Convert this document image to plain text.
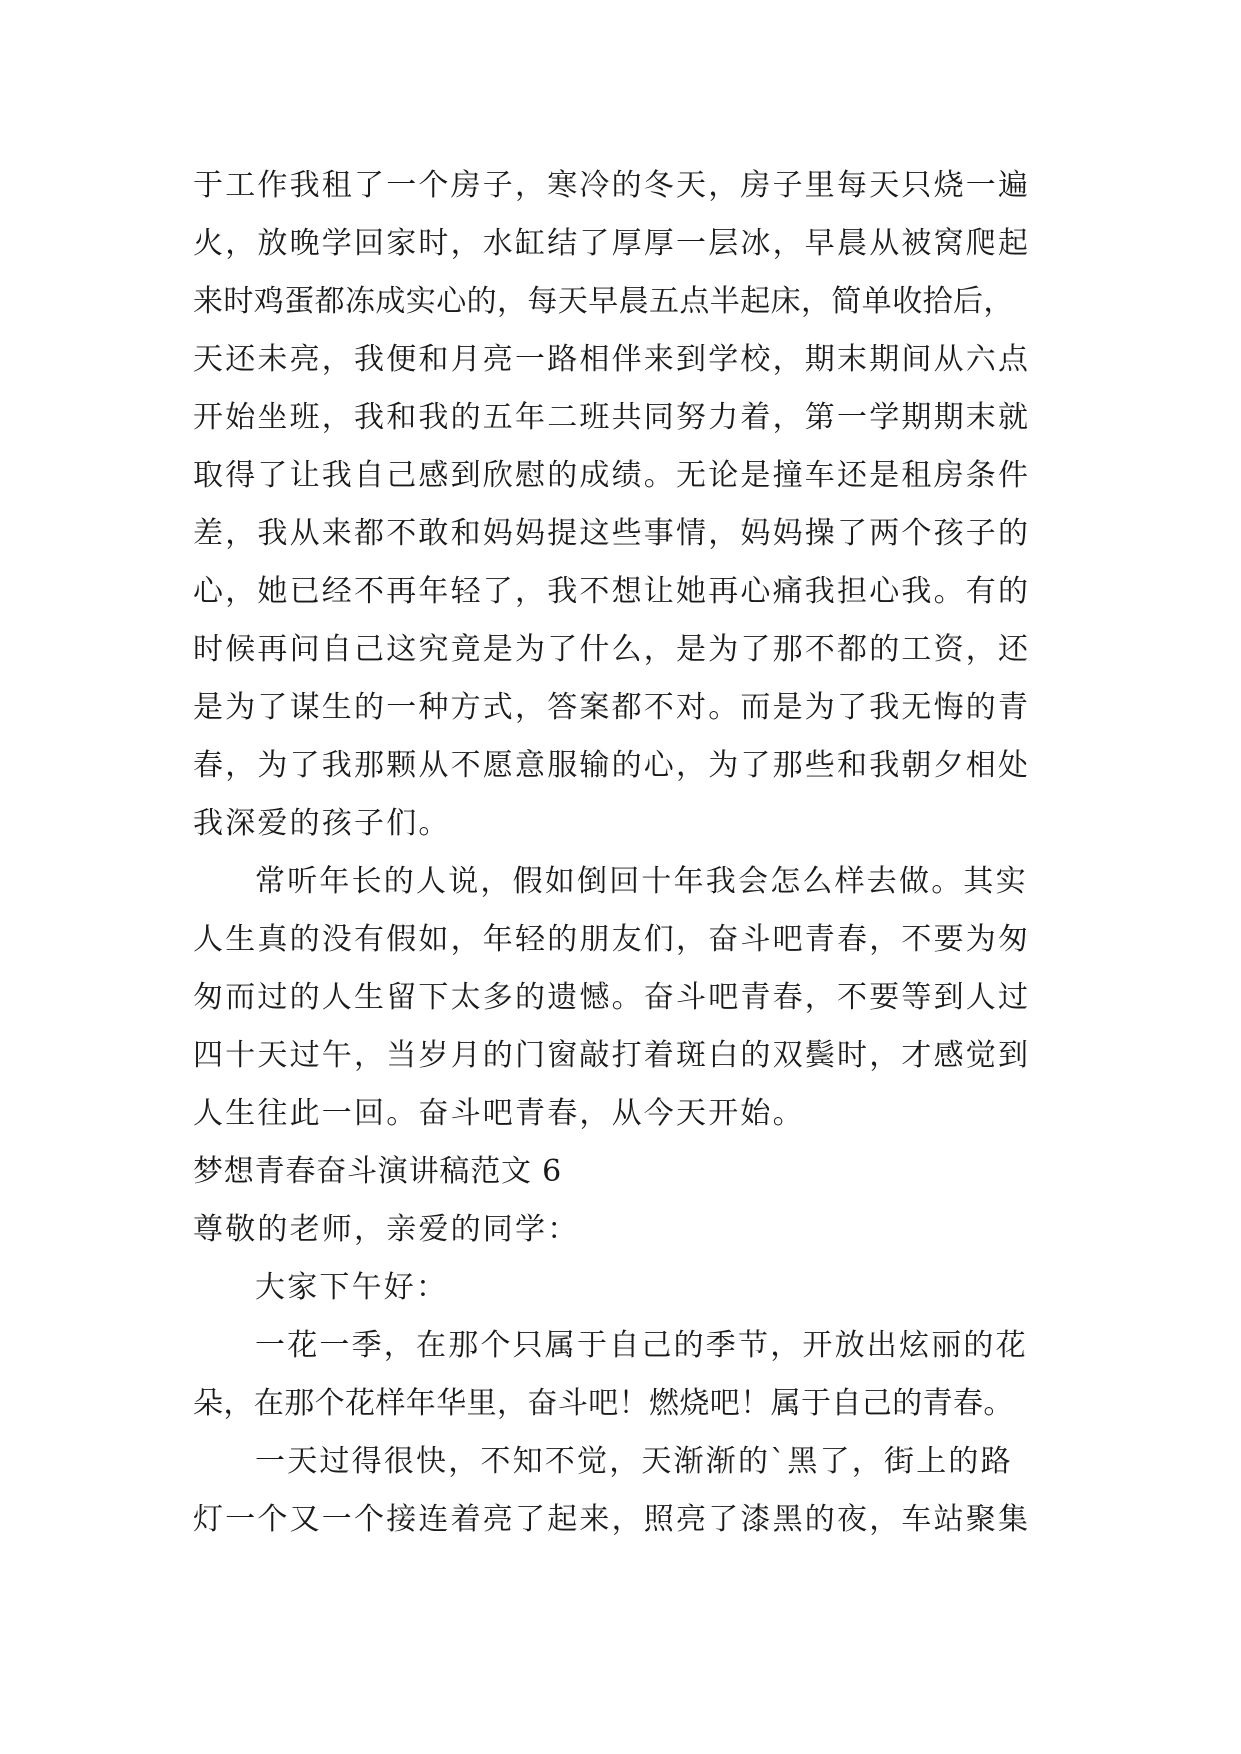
于工作我租了一个房子，寒冷的冬天，房子里每天只烧一遍
火，放晚学回家时，水缸结了厚厚一层冰，早晨从被窝爬起
来时鸡蛋都冻成实心的，每天早晨五点半起床，简单收拾后，
天还未亮，我便和月亮一路相伴来到学校，期末期间从六点
开始坐班，我和我的五年二班共同努力着，第一学期期末就
取得了让我自己感到欣慰的成绩。无论是撞车还是租房条件
差，我从来都不敢和妈妈提这些事情，妈妈操了两个孩子的
心，她已经不再年轻了，我不想让她再心痛我担心我。有的
时候再问自己这究竟是为了什么，是为了那不都的工资，还
是为了谋生的一种方式，答案都不对。而是为了我无悔的青
春，为了我那颗从不愿意服输的心，为了那些和我朝夕相处
我深爱的孩子们。
常听年长的人说，假如倒回十年我会怎么样去做。其实
人生真的没有假如，年轻的朋友们，奋斗吧青春，不要为匆
匆而过的人生留下太多的遗憾。奋斗吧青春，不要等到人过
四十天过午，当岁月的门窗敲打着斑白的双鬓时，才感觉到
人生往此一回。奋斗吧青春，从今天开始。
梦想青春奋斗演讲稿范文 6
尊敬的老师，亲爱的同学：
大家下午好：
一花一季，在那个只属于自己的季节，开放出炫丽的花
朵，在那个花样年华里，奋斗吧！燃烧吧！属于自己的青春。
一天过得很快，不知不觉，天渐渐的`黑了，街上的路
灯一个又一个接连着亮了起来，照亮了漆黑的夜，车站聚集
